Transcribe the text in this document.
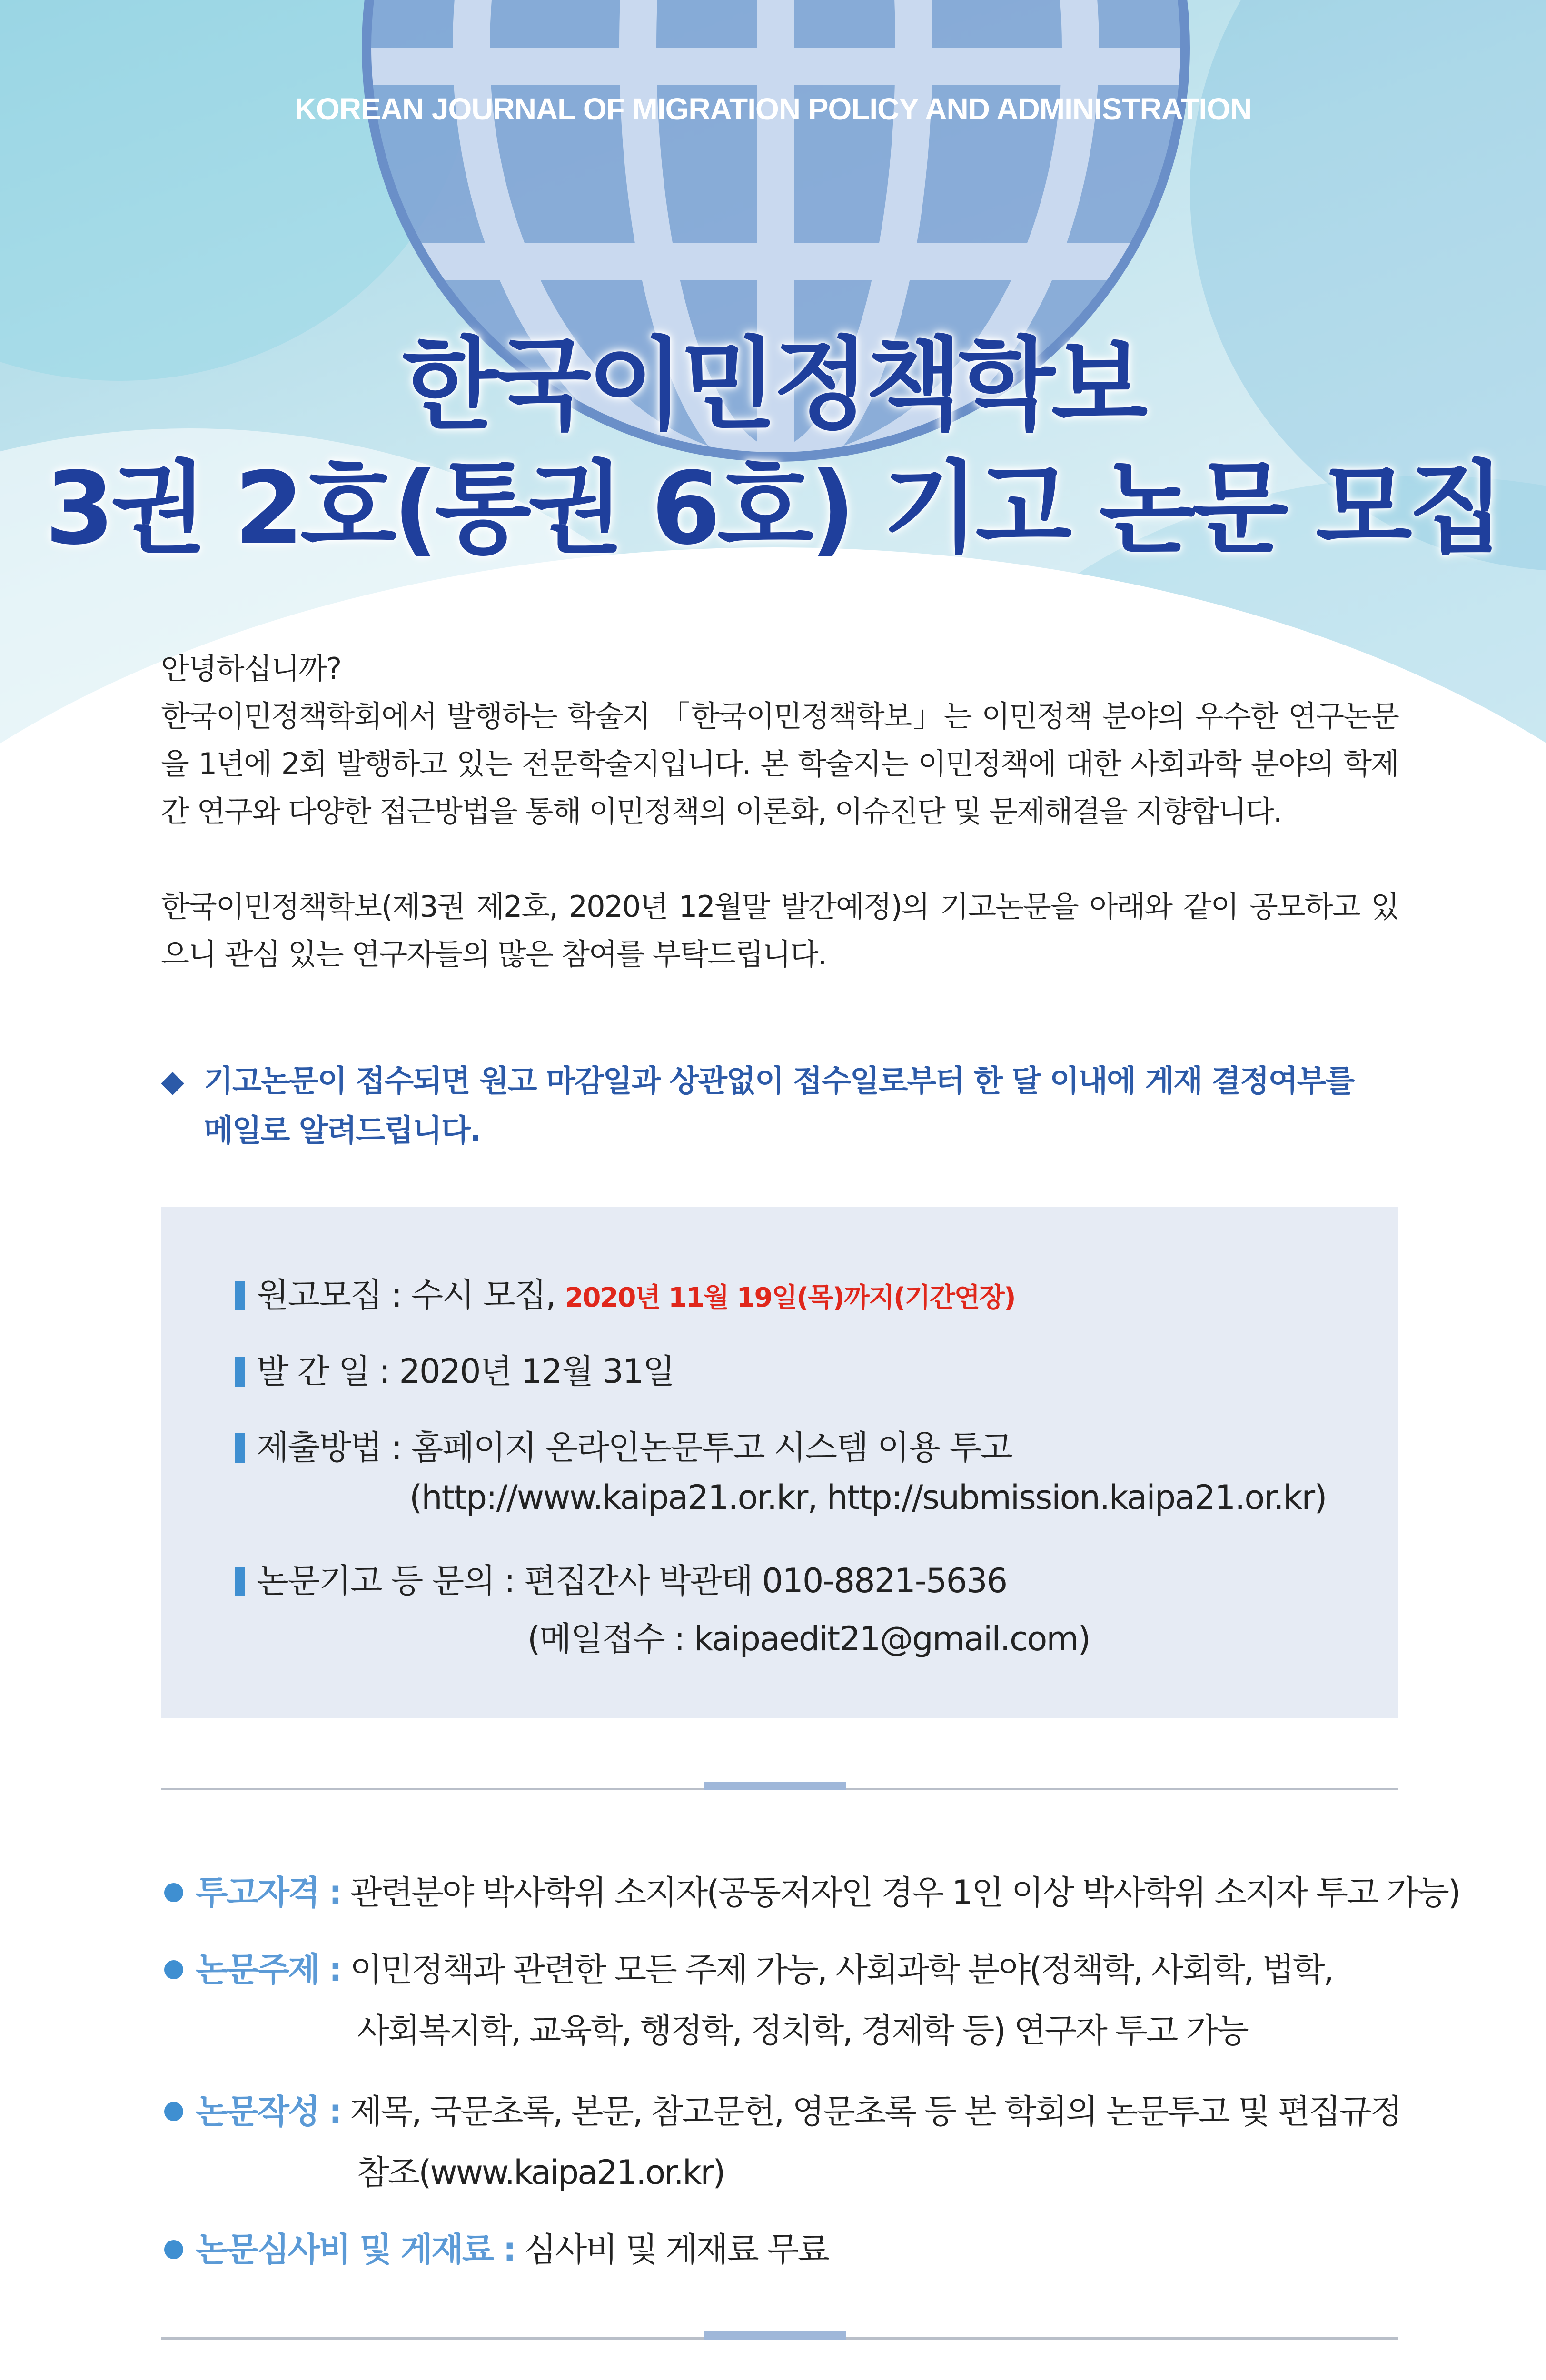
KOREAN JOURNAL OF MIGRATION POLICY AND ADMINISTRATION
한국이민정책학보
3권 2호(통권 6호) 기고 논문 모집

안녕하십니까?

한국이민정책학회에서 발행하는 학술지 「한국이민정책학보」는 이민정책 분야의 우수한 연구논문을 1년에 2회 발행하고 있는 전문학술지입니다. 본 학술지는 이민정책에 대한 사회과학 분야의 학제간 연구와 다양한 접근방법을 통해 이민정책의 이론화, 이슈진단 및 문제해결을 지향합니다.

한국이민정책학보(제3권 제2호, 2020년 12월말 발간예정)의 기고논문을 아래와 같이 공모하고 있으니 관심 있는 연구자들의 많은 참여를 부탁드립니다.

◆ 기고논문이 접수되면 원고 마감일과 상관없이 접수일로부터 한 달 이내에 게재 결정여부를
메일로 알려드립니다.
원고모집 : 수시 모집, 2020년 11월 19일(목)까지(기간연장)
발 간 일 : 2020년 12월 31일
제출방법 : 홈페이지 온라인논문투고 시스템 이용 투고
(http://www.kaipa21.or.kr, http://submission.kaipa21.or.kr)
논문기고 등 문의 : 편집간사 박관태 010-8821-5636
(메일접수 : kaipaedit21@gmail.com)
투고자격 : 관련분야 박사학위 소지자(공동저자인 경우 1인 이상 박사학위 소지자 투고 가능)
논문주제 : 이민정책과 관련한 모든 주제 가능, 사회과학 분야(정책학, 사회학, 법학,
사회복지학, 교육학, 행정학, 정치학, 경제학 등) 연구자 투고 가능
논문작성 : 제목, 국문초록, 본문, 참고문헌, 영문초록 등 본 학회의 논문투고 및 편집규정
참조(www.kaipa21.or.kr)
논문심사비 및 게재료 : 심사비 및 게재료 무료
